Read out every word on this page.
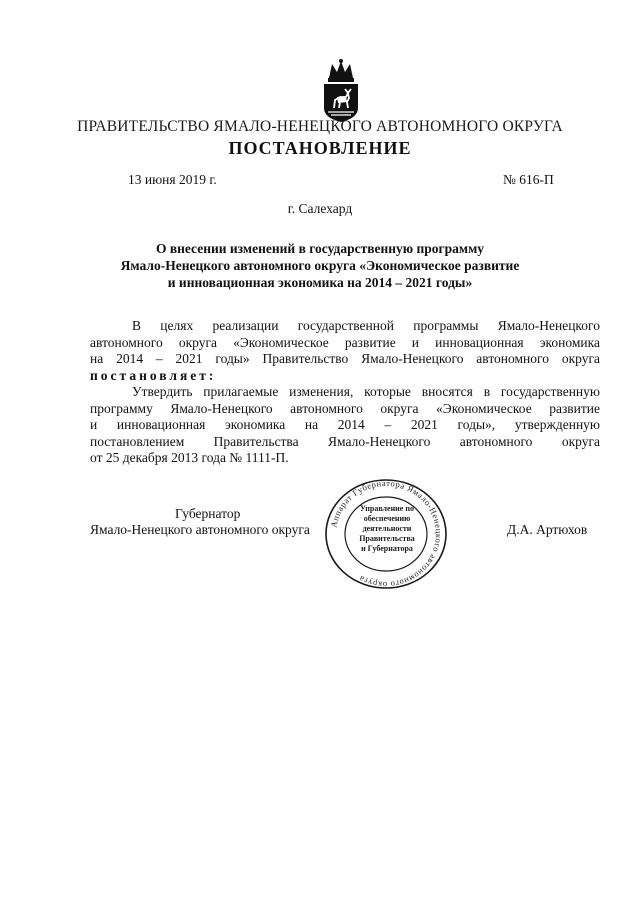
ПРАВИТЕЛЬСТВО ЯМАЛО-НЕНЕЦКОГО АВТОНОМНОГО ОКРУГА
ПОСТАНОВЛЕНИЕ
13 июня 2019 г.	№ 616-П
г. Салехард
О внесении изменений в государственную программу
Ямало-Ненецкого автономного округа «Экономическое развитие
и инновационная экономика на 2014 – 2021 годы»
В целях реализации государственной программы Ямало-Ненецкого
автономного округа «Экономическое развитие и инновационная экономика
на 2014 – 2021 годы» Правительство Ямало-Ненецкого автономного округа
постановляет:
Утвердить прилагаемые изменения, которые вносятся в государственную
программу Ямало-Ненецкого автономного округа «Экономическое развитие
и инновационная экономика на 2014 – 2021 годы», утвержденную
постановлением Правительства Ямало-Ненецкого автономного округа
от 25 декабря 2013 года № 1111-П.
Губернатор
Ямало-Ненецкого автономного округа	Д.А. Артюхов
Аппарат Губернатора Ямало-Ненецкого автономного округа
Управление по
обеспечению
деятельности
Правительства
и Губернатора
